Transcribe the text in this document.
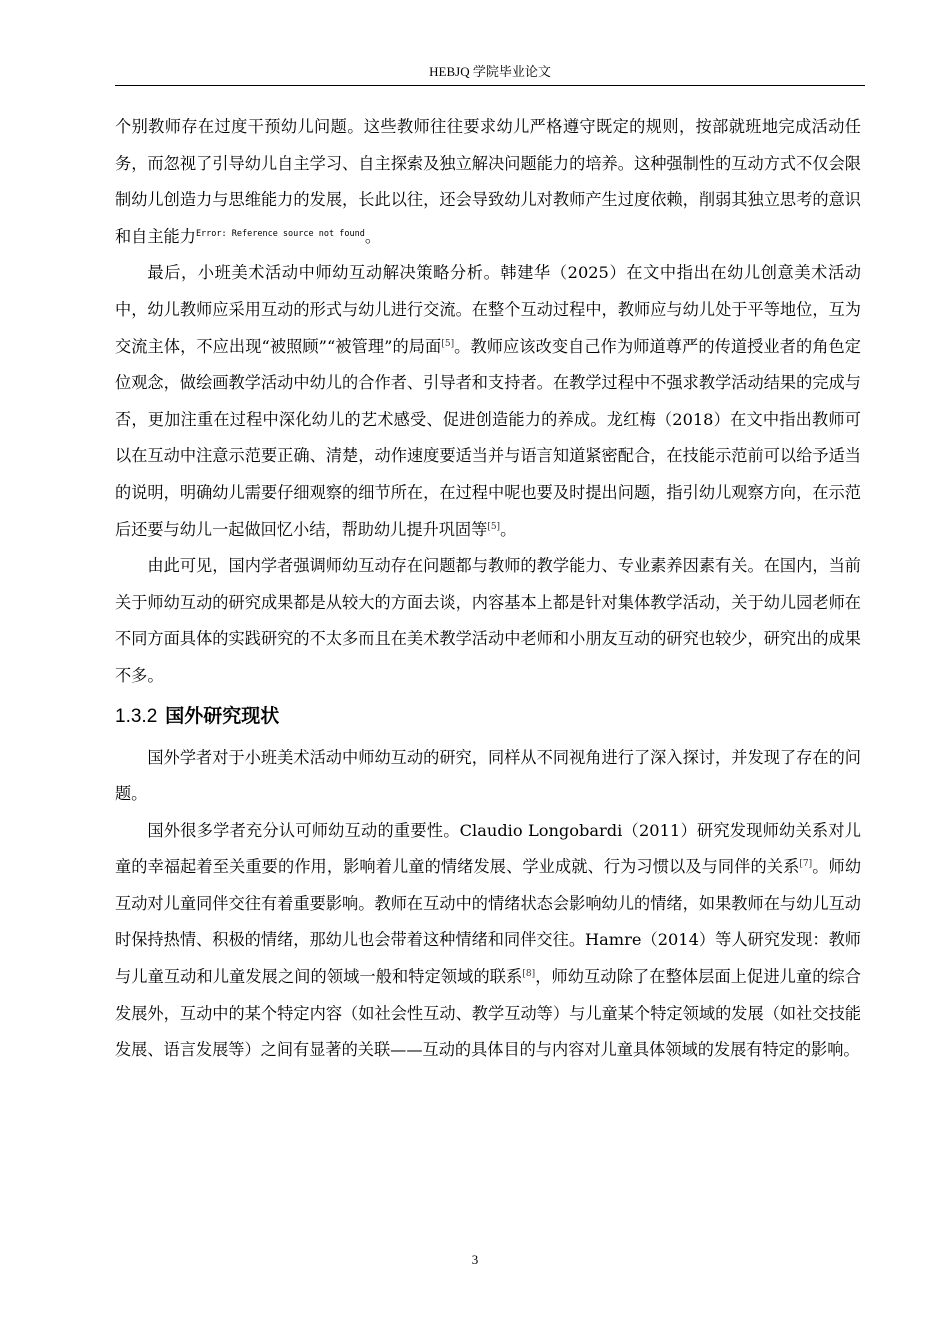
HEBJQ 学院毕业论文

个别教师存在过度干预幼儿问题。这些教师往往要求幼儿严格遵守既定的规则，按部就班地完成活动任务，而忽视了引导幼儿自主学习、自主探索及独立解决问题能力的培养。这种强制性的互动方式不仅会限制幼儿创造力与思维能力的发展，长此以往，还会导致幼儿对教师产生过度依赖，削弱其独立思考的意识和自主能力$^{Error: Reference source not found}$。

最后，小班美术活动中师幼互动解决策略分析。韩建华（2025）在文中指出在幼儿创意美术活动中，幼儿教师应采用互动的形式与幼儿进行交流。在整个互动过程中，教师应与幼儿处于平等地位，互为交流主体，不应出现“被照顾”“被管理”的局面[5]。教师应该改变自己作为师道尊严的传道授业者的角色定位观念，做绘画教学活动中幼儿的合作者、引导者和支持者。在教学过程中不强求教学活动结果的完成与否，更加注重在过程中深化幼儿的艺术感受、促进创造能力的养成。龙红梅（2018）在文中指出教师可以在互动中注意示范要正确、清楚，动作速度要适当并与语言知道紧密配合，在技能示范前可以给予适当的说明，明确幼儿需要仔细观察的细节所在，在过程中呢也要及时提出问题，指引幼儿观察方向，在示范后还要与幼儿一起做回忆小结，帮助幼儿提升巩固等[5]。

由此可见，国内学者强调师幼互动存在问题都与教师的教学能力、专业素养因素有关。在国内，当前关于师幼互动的研究成果都是从较大的方面去谈，内容基本上都是针对集体教学活动，关于幼儿园老师在不同方面具体的实践研究的不太多而且在美术教学活动中老师和小朋友互动的研究也较少，研究出的成果不多。

1.3.2 国外研究现状

国外学者对于小班美术活动中师幼互动的研究，同样从不同视角进行了深入探讨，并发现了存在的问题。

国外很多学者充分认可师幼互动的重要性。Claudio Longobardi（2011）研究发现师幼关系对儿童的幸福起着至关重要的作用，影响着儿童的情绪发展、学业成就、行为习惯以及与同伴的关系[7]。师幼互动对儿童同伴交往有着重要影响。教师在互动中的情绪状态会影响幼儿的情绪，如果教师在与幼儿互动时保持热情、积极的情绪，那幼儿也会带着这种情绪和同伴交往。Hamre（2014）等人研究发现：教师与儿童互动和儿童发展之间的领域一般和特定领域的联系[8]，师幼互动除了在整体层面上促进儿童的综合发展外，互动中的某个特定内容（如社会性互动、教学互动等）与儿童某个特定领域的发展（如社交技能发展、语言发展等）之间有显著的关联——互动的具体目的与内容对儿童具体领域的发展有特定的影响。

3
